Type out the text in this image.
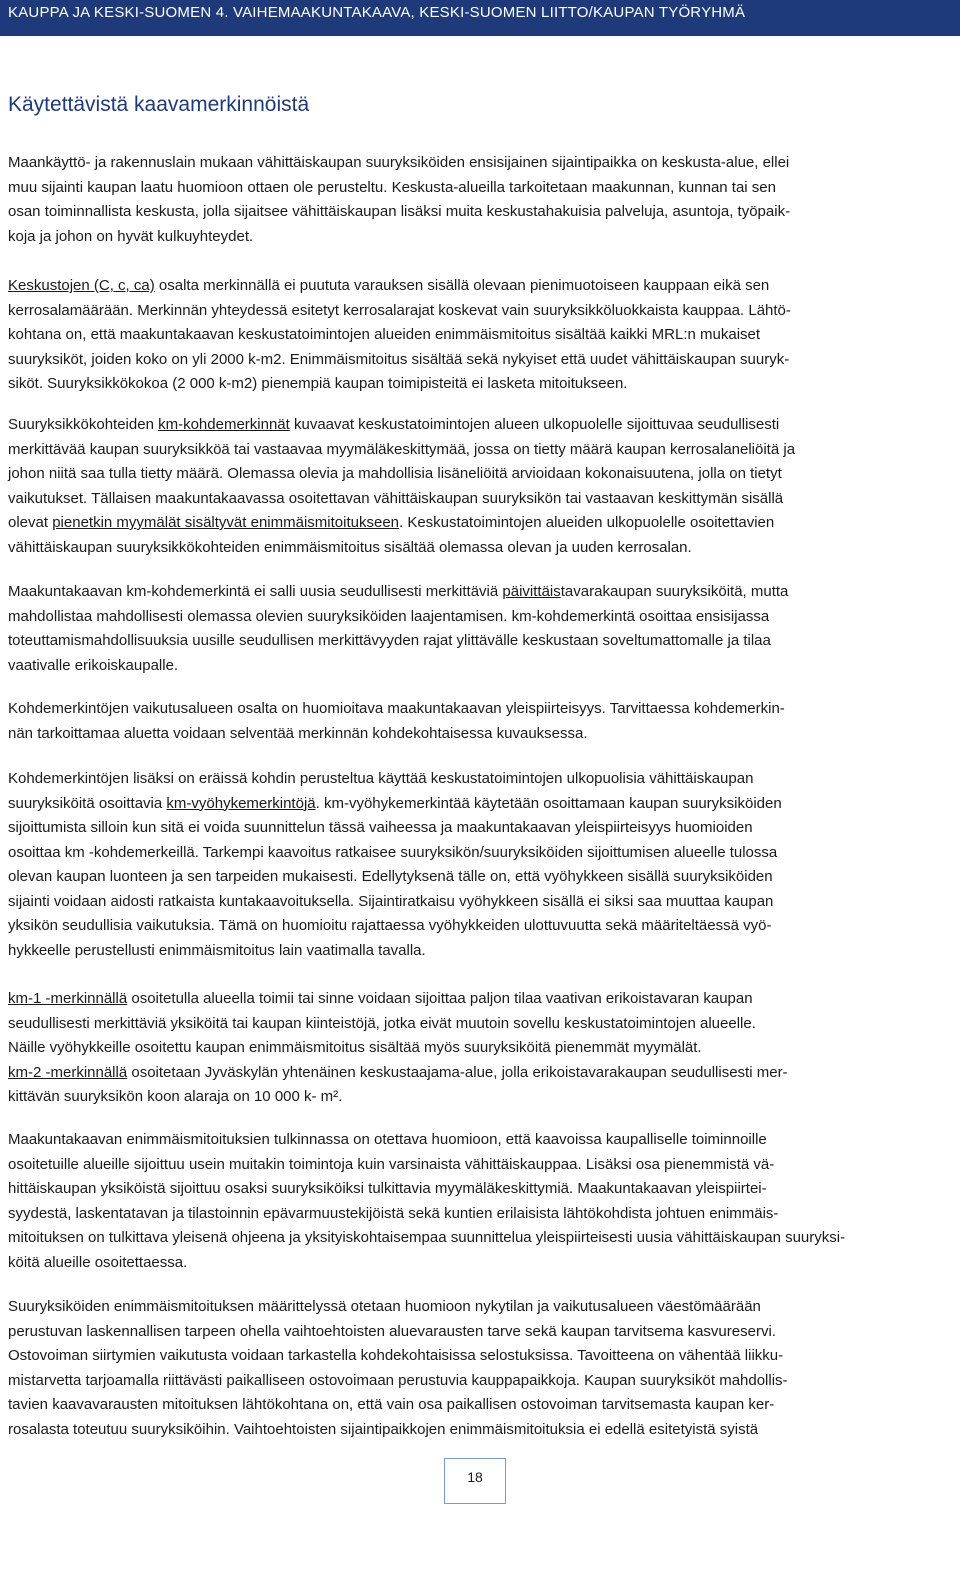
KAUPPA JA KESKI-SUOMEN 4. VAIHEMAAKUNTAKAAVA, KESKI-SUOMEN LIITTO/KAUPAN TYÖRYHMÄ
Käytettävistä kaavamerkinnöistä

Maankäyttö- ja rakennuslain mukaan vähittäiskaupan suuryksiköiden ensisijainen sijaintipaikka on keskusta-alue, ellei
muu sijainti kaupan laatu huomioon ottaen ole perusteltu. Keskusta-alueilla tarkoitetaan maakunnan, kunnan tai sen
osan toiminnallista keskusta, jolla sijaitsee vähittäiskaupan lisäksi muita keskustahakuisia palveluja, asuntoja, työpaik-
koja ja johon on hyvät kulkuyhteydet.

Keskustojen (C, c, ca) osalta merkinnällä ei puututa varauksen sisällä olevaan pienimuotoiseen kauppaan eikä sen
kerrosalamäärään. Merkinnän yhteydessä esitetyt kerrosalarajat koskevat vain suuryksikköluokkaista kauppaa. Lähtö-
kohtana on, että maakuntakaavan keskustatoimintojen alueiden enimmäismitoitus sisältää kaikki MRL:n mukaiset
suuryksiköt, joiden koko on yli 2000 k-m2. Enimmäismitoitus sisältää sekä nykyiset että uudet vähittäiskaupan suuryk-
siköt. Suuryksikkökokoa (2 000 k-m2) pienempiä kaupan toimipisteitä ei lasketa mitoitukseen.

Suuryksikkökohteiden km-kohdemerkinnät kuvaavat keskustatoimintojen alueen ulkopuolelle sijoittuvaa seudullisesti
merkittävää kaupan suuryksikköä tai vastaavaa myymäläkeskittymää, jossa on tietty määrä kaupan kerrosalaneliöitä ja
johon niitä saa tulla tietty määrä. Olemassa olevia ja mahdollisia lisäneliöitä arvioidaan kokonaisuutena, jolla on tietyt
vaikutukset. Tällaisen maakuntakaavassa osoitettavan vähittäiskaupan suuryksikön tai vastaavan keskittymän sisällä
olevat pienetkin myymälät sisältyvät enimmäismitoitukseen. Keskustatoimintojen alueiden ulkopuolelle osoitettavien
vähittäiskaupan suuryksikkökohteiden enimmäismitoitus sisältää olemassa olevan ja uuden kerrosalan.

Maakuntakaavan km-kohdemerkintä ei salli uusia seudullisesti merkittäviä päivittäistavarakaupan suuryksiköitä, mutta
mahdollistaa mahdollisesti olemassa olevien suuryksiköiden laajentamisen. km-kohdemerkintä osoittaa ensisijassa
toteuttamismahdollisuuksia uusille seudullisen merkittävyyden rajat ylittävälle keskustaan soveltumattomalle ja tilaa
vaativalle erikoiskaupalle.

Kohdemerkintöjen vaikutusalueen osalta on huomioitava maakuntakaavan yleispiirteisyys. Tarvittaessa kohdemerkin-
nän tarkoittamaa aluetta voidaan selventää merkinnän kohdekohtaisessa kuvauksessa.

Kohdemerkintöjen lisäksi on eräissä kohdin perusteltua käyttää keskustatoimintojen ulkopuolisia vähittäiskaupan
suuryksiköitä osoittavia km-vyöhykemerkintöjä. km-vyöhykemerkintää käytetään osoittamaan kaupan suuryksiköiden
sijoittumista silloin kun sitä ei voida suunnittelun tässä vaiheessa ja maakuntakaavan yleispiirteisyys huomioiden
osoittaa km -kohdemerkeillä. Tarkempi kaavoitus ratkaisee suuryksikön/suuryksiköiden sijoittumisen alueelle tulossa
olevan kaupan luonteen ja sen tarpeiden mukaisesti. Edellytyksenä tälle on, että vyöhykkeen sisällä suuryksiköiden
sijainti voidaan aidosti ratkaista kuntakaavoituksella. Sijaintiratkaisu vyöhykkeen sisällä ei siksi saa muuttaa kaupan
yksikön seudullisia vaikutuksia. Tämä on huomioitu rajattaessa vyöhykkeiden ulottuvuutta sekä määriteltäessä vyö-
hykkeelle perustellusti enimmäismitoitus lain vaatimalla tavalla.

km-1 -merkinnällä osoitetulla alueella toimii tai sinne voidaan sijoittaa paljon tilaa vaativan erikoistavaran kaupan
seudullisesti merkittäviä yksiköitä tai kaupan kiinteistöjä, jotka eivät muutoin sovellu keskustatoimintojen alueelle.
Näille vyöhykkeille osoitettu kaupan enimmäismitoitus sisältää myös suuryksiköitä pienemmät myymälät.
km-2 -merkinnällä osoitetaan Jyväskylän yhtenäinen keskustaajama-alue, jolla erikoistavarakaupan seudullisesti mer-
kittävän suuryksikön koon alaraja on 10 000 k- m².

Maakuntakaavan enimmäismitoituksien tulkinnassa on otettava huomioon, että kaavoissa kaupalliselle toiminnoille
osoitetuille alueille sijoittuu usein muitakin toimintoja kuin varsinaista vähittäiskauppaa. Lisäksi osa pienemmistä vä-
hittäiskaupan yksiköistä sijoittuu osaksi suuryksiköiksi tulkittavia myymäläkeskittymiä. Maakuntakaavan yleispiirtei-
syydestä, laskentatavan ja tilastoinnin epävarmuustekijöistä sekä kuntien erilaisista lähtökohdista johtuen enimmäis-
mitoituksen on tulkittava yleisenä ohjeena ja yksityiskohtaisempaa suunnittelua yleispiirteisesti uusia vähittäiskaupan suuryksi-
köitä alueille osoitettaessa.

Suuryksiköiden enimmäismitoituksen määrittelyssä otetaan huomioon nykytilan ja vaikutusalueen väestömäärään
perustuvan laskennallisen tarpeen ohella vaihtoehtoisten aluevarausten tarve sekä kaupan tarvitsema kasvureservi.
Ostovoiman siirtymien vaikutusta voidaan tarkastella kohdekohtaisissa selostuksissa. Tavoitteena on vähentää liikku-
mistarvetta tarjoamalla riittävästi paikalliseen ostovoimaan perustuvia kauppapaikkoja. Kaupan suuryksiköt mahdollis-
tavien kaavavarausten mitoituksen lähtökohtana on, että vain osa paikallisen ostovoiman tarvitsemasta kaupan ker-
rosalasta toteutuu suuryksiköihin. Vaihtoehtoisten sijaintipaikkojen enimmäismitoituksia ei edellä esitetyistä syistä

18
